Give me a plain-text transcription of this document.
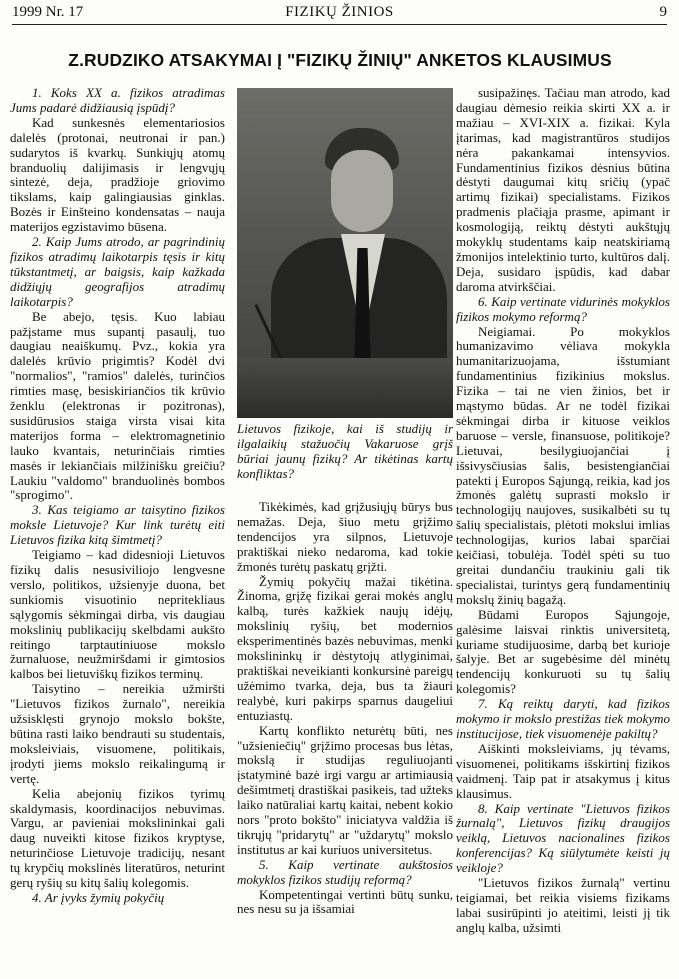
1999 Nr. 17	FIZIKŲ ŽINIOS	9
Z.RUDZIKO ATSAKYMAI Į "FIZIKŲ ŽINIŲ" ANKETOS KLAUSIMUS

1. Koks XX a. fizikos atradimas Jums padarė didžiausią įspūdį?

Kad sunkesnės elementariosios dalelės (protonai, neutronai ir pan.) sudarytos iš kvarkų. Sunkiųjų atomų branduolių dalijimasis ir lengvųjų sintezė, deja, pradžioje griovimo tikslams, kaip galingiausias ginklas. Bozės ir Einšteino kondensatas – nauja materijos egzistavimo būsena.

2. Kaip Jums atrodo, ar pagrindinių fizikos atradimų laikotarpis tęsis ir kitų tūkstantmetį, ar baigsis, kaip kažkada didžiųjų geografijos atradimų laikotarpis?

Be abejo, tęsis. Kuo labiau pažįstame mus supantį pasaulį, tuo daugiau neaiškumų. Pvz., kokia yra dalelės krūvio prigimtis? Kodėl dvi "normalios", "ramios" dalelės, turinčios rimties masę, besiskiriančios tik krūvio ženklu (elektronas ir pozitronas), susidūrusios staiga virsta visai kita materijos forma – elektromagnetinio lauko kvantais, neturinčiais rimties masės ir lekiančiais milžinišku greičiu? Laukiu "valdomo" branduolinės bombos "sprogimo".

3. Kas teigiamo ar taisytino fizikos moksle Lietuvoje? Kur link turėtų eiti Lietuvos fizika kitą šimtmetį?

Teigiamo – kad didesnioji Lietuvos fizikų dalis nesusiviliojo lengvesne verslo, politikos, užsienyje duona, bet sunkiomis visuotinio nepritekliaus sąlygomis sėkmingai dirba, vis daugiau mokslinių publikacijų skelbdami aukšto reitingo tarptautiniuose mokslo žurnaluose, neužmiršdami ir gimtosios kalbos bei lietuviškų fizikos terminų.

Taisytino – nereikia užmiršti "Lietuvos fizikos žurnalo", nereikia užsisklęsti grynojo mokslo bokšte, būtina rasti laiko bendrauti su studentais, moksleiviais, visuomene, politikais, įrodyti jiems mokslo reikalingumą ir vertę.

Kelia abejonių fizikos tyrimų skaldymasis, koordinacijos nebuvimas. Vargu, ar pavieniai mokslininkai gali daug nuveikti kitose fizikos kryptyse, neturinčiose Lietuvoje tradicijų, nesant tų krypčių mokslinės literatūros, neturint gerų ryšių su kitų šalių kolegomis.

4. Ar įvyks žymių pokyčių

Lietuvos fizikoje, kai iš studijų ir ilgalaikių stažuočių Vakaruose grįš būriai jaunų fizikų? Ar tikėtinas kartų konfliktas?

Tikėkimės, kad grįžusiųjų būrys bus nemažas. Deja, šiuo metu grįžimo tendencijos yra silpnos, Lietuvoje praktiškai nieko nedaroma, kad tokie žmonės turėtų paskatų grįžti.

Žymių pokyčių mažai tikėtina. Žinoma, grįžę fizikai gerai mokės anglų kalbą, turės kažkiek naujų idėjų, mokslinių ryšių, bet modernios eksperimentinės bazės nebuvimas, menki mokslininkų ir dėstytojų atlyginimai, praktiškai neveikianti konkursinė pareigų užėmimo tvarka, deja, bus ta žiauri realybė, kuri pakirps sparnus daugeliui entuziastų.

Kartų konflikto neturėtų būti, nes "užsieniečių" grįžimo procesas bus lėtas, mokslą ir studijas reguliuojanti įstatyminė bazė irgi vargu ar artimiausią dešimtmetį drastiškai pasikeis, tad užteks laiko natūraliai kartų kaitai, nebent kokio nors "proto bokšto" iniciatyva valdžia iš tikrųjų "pridarytų" ar "uždarytų" mokslo institutus ar kai kuriuos universitetus.

5. Kaip vertinate aukštosios mokyklos fizikos studijų reformą?

Kompetentingai vertinti būtų sunku, nes nesu su ja išsamiai

susipažinęs. Tačiau man atrodo, kad daugiau dėmesio reikia skirti XX a. ir mažiau – XVI-XIX a. fizikai. Kyla įtarimas, kad magistrantūros studijos nėra pakankamai intensyvios. Fundamentinius fizikos dėsnius būtina dėstyti daugumai kitų sričių (ypač artimų fizikai) specialistams. Fizikos pradmenis plačiąja prasme, apimant ir kosmologiją, reiktų dėstyti aukštųjų mokyklų studentams kaip neatskiriamą žmonijos intelektinio turto, kultūros dalį. Deja, susidaro įspūdis, kad dabar daroma atvirkščiai.

6. Kaip vertinate vidurinės mokyklos fizikos mokymo reformą?

Neigiamai. Po mokyklos humanizavimo vėliava mokykla humanitarizuojama, išstumiant fundamentinius fizikinius mokslus. Fizika – tai ne vien žinios, bet ir mąstymo būdas. Ar ne todėl fizikai sėkmingai dirba ir kituose veiklos baruose – versle, finansuose, politikoje? Lietuvai, besilygiuojančiai į išsivysčiusias šalis, besistengiančiai patekti į Europos Sąjungą, reikia, kad jos žmonės galėtų suprasti mokslo ir technologijų naujoves, susikalbėti su tų šalių specialistais, plėtoti mokslui imlias technologijas, kurios labai sparčiai keičiasi, tobulėja. Todėl spėti su tuo greitai dundančiu traukiniu gali tik specialistai, turintys gerą fundamentinių mokslų žinių bagažą.

Būdami Europos Sąjungoje, galėsime laisvai rinktis universitetą, kuriame studijuosime, darbą bet kurioje šalyje. Bet ar sugebėsime dėl minėtų tendencijų konkuruoti su tų šalių kolegomis?

7. Ką reiktų daryti, kad fizikos mokymo ir mokslo prestižas tiek mokymo institucijose, tiek visuomenėje pakiltų?

Aiškinti moksleiviams, jų tėvams, visuomenei, politikams išskirtinį fizikos vaidmenį. Taip pat ir atsakymus į kitus klausimus.

8. Kaip vertinate "Lietuvos fizikos žurnalą", Lietuvos fizikų draugijos veiklą, Lietuvos nacionalines fizikos konferencijas? Ką siūlytumėte keisti jų veikloje?

"Lietuvos fizikos žurnalą" vertinu teigiamai, bet reikia visiems fizikams labai susirūpinti jo ateitimi, leisti jį tik anglų kalba, užsimti
